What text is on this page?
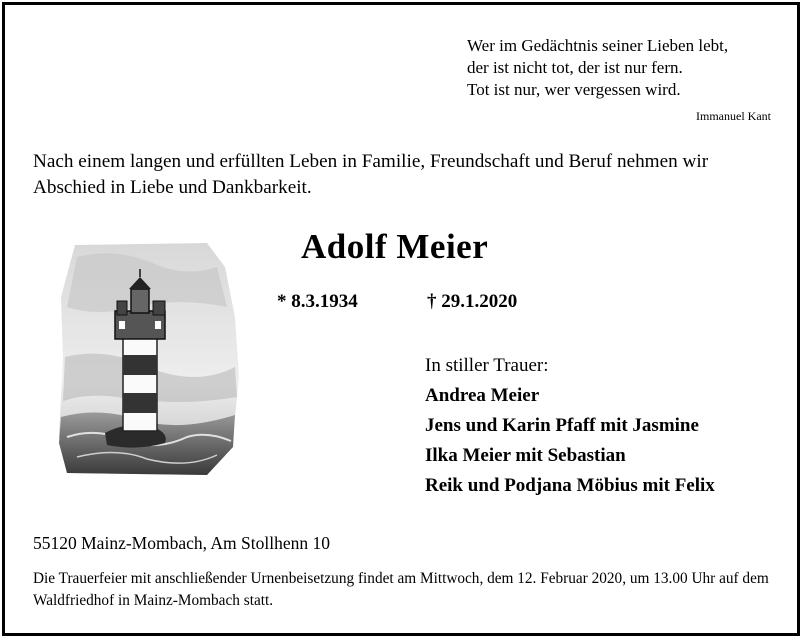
Wer im Gedächtnis seiner Lieben lebt,
der ist nicht tot, der ist nur fern.
Tot ist nur, wer vergessen wird.
Immanuel Kant
Nach einem langen und erfüllten Leben in Familie, Freundschaft und Beruf nehmen wir Abschied in Liebe und Dankbarkeit.
Adolf Meier
* 8.3.1934	† 29.1.2020
In stiller Trauer:
Andrea Meier
Jens und Karin Pfaff mit Jasmine
Ilka Meier mit Sebastian
Reik und Podjana Möbius mit Felix
55120 Mainz-Mombach, Am Stollhenn 10
Die Trauerfeier mit anschließender Urnenbeisetzung findet am Mittwoch, dem 12. Februar 2020, um 13.00 Uhr auf dem Waldfriedhof in Mainz-Mombach statt.
